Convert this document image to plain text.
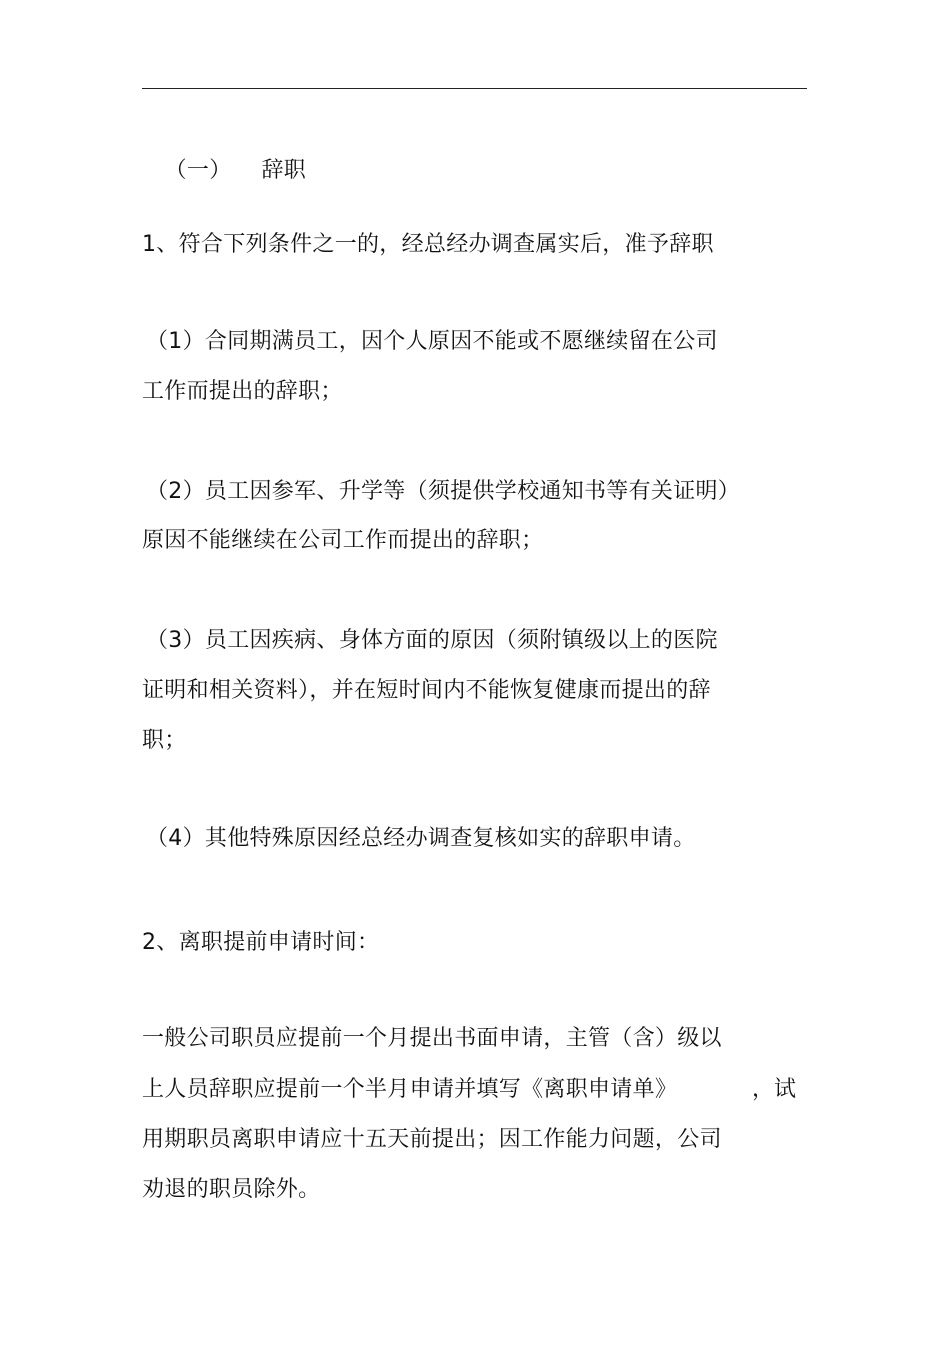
（一） 辞职

1、符合下列条件之一的，经总经办调查属实后，准予辞职
（1）合同期满员工，因个人原因不能或不愿继续留在公司
工作而提出的辞职；
（2）员工因参军、升学等（须提供学校通知书等有关证明）
原因不能继续在公司工作而提出的辞职；
（3）员工因疾病、身体方面的原因（须附镇级以上的医院
证明和相关资料），并在短时间内不能恢复健康而提出的辞
职；
（4）其他特殊原因经总经办调查复核如实的辞职申请。
2、离职提前申请时间：
一般公司职员应提前一个月提出书面申请，主管（含）级以
上人员辞职应提前一个半月申请并填写《离职申请单》	，试
用期职员离职申请应十五天前提出；因工作能力问题，公司
劝退的职员除外。
